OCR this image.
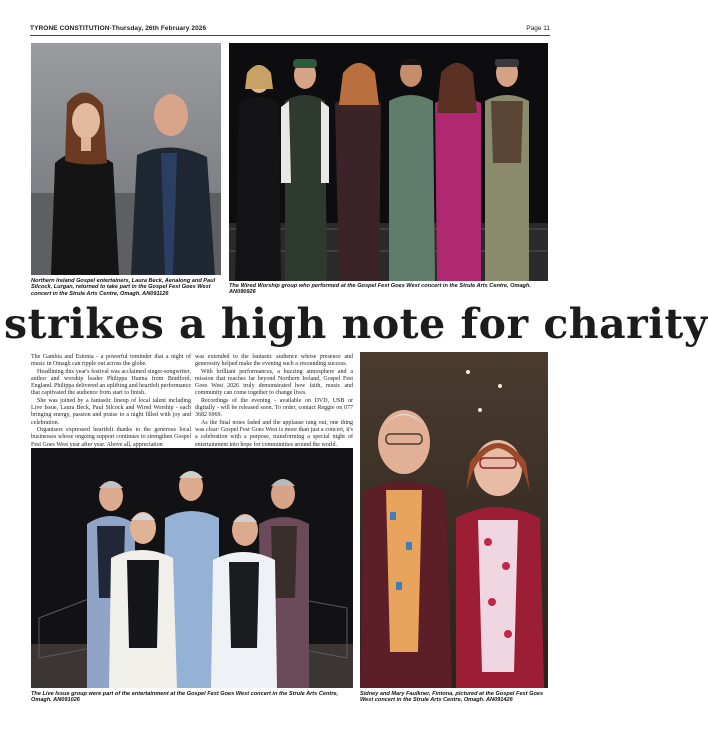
TYRONE CONSTITUTION-Thursday, 26th February 2026	Page 11
Northern Ireland Gospel entertainers, Laura Beck, Aenalong and Paul Silcock, Lurgan, returned to take part in the Gospel Fest Goes West concert in the Strule Arts Centre, Omagh. AN091126
The Wired Worship group who performed at the Gospel Fest Goes West concert in the Strule Arts Centre, Omagh. AN090926
strikes a high note for charity

The Gambia and Estonia - a powerful reminder that a night of music in Omagh can ripple out across the globe.

Headlining this year's festival was acclaimed singer-songwriter, author and worship leader Philippa Hanna from Bradford, England. Philippa delivered an uplifting and heartfelt performance that captivated the audience from start to finish.

She was joined by a fantastic lineup of local talent including Live Issue, Laura Beck, Paul Silcock and Wired Worship - each bringing energy, passion and praise to a night filled with joy and celebration.

Organisers expressed heartfelt thanks to the generous local businesses whose ongoing support continues to strengthen Gospel Fest Goes West year after year. Above all, appreciation

was extended to the fantastic audience whose presence and generosity helped make the evening such a resounding success.

With brilliant performances, a buzzing atmosphere and a mission that reaches far beyond Northern Ireland, Gospel Fest Goes West 2026 truly demonstrated how faith, music and community can come together to change lives.

Recordings of the evening - available on DVD, USB or digitally - will be released soon. To order, contact Reggie on 077 3682 6969.

As the final notes faded and the applause rang out, one thing was clear: Gospel Fest Goes West is more than just a concert, it's a celebration with a purpose, transforming a special night of entertainment into hope for communities around the world.

The Live Issue group were part of the entertainment at the Gospel Fest Goes West concert in the Strule Arts Centre, Omagh. AN091026
Sidney and Mary Faulkner, Fintona, pictured at the Gospel Fest Goes West concert in the Strule Arts Centre, Omagh. AN091426
